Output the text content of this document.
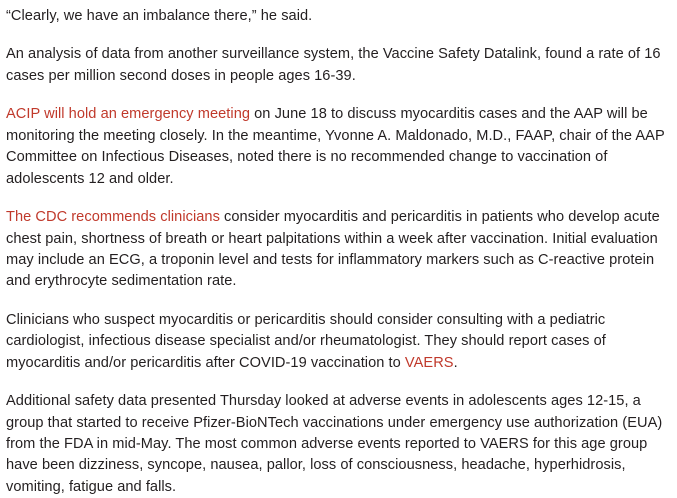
“Clearly, we have an imbalance there,” he said.

An analysis of data from another surveillance system, the Vaccine Safety Datalink, found a rate of 16 cases per million second doses in people ages 16-39.

ACIP will hold an emergency meeting on June 18 to discuss myocarditis cases and the AAP will be monitoring the meeting closely. In the meantime, Yvonne A. Maldonado, M.D., FAAP, chair of the AAP Committee on Infectious Diseases, noted there is no recommended change to vaccination of adolescents 12 and older.

The CDC recommends clinicians consider myocarditis and pericarditis in patients who develop acute chest pain, shortness of breath or heart palpitations within a week after vaccination. Initial evaluation may include an ECG, a troponin level and tests for inflammatory markers such as C-reactive protein and erythrocyte sedimentation rate.

Clinicians who suspect myocarditis or pericarditis should consider consulting with a pediatric cardiologist, infectious disease specialist and/or rheumatologist. They should report cases of myocarditis and/or pericarditis after COVID-19 vaccination to VAERS.

Additional safety data presented Thursday looked at adverse events in adolescents ages 12-15, a group that started to receive Pfizer-BioNTech vaccinations under emergency use authorization (EUA) from the FDA in mid-May. The most common adverse events reported to VAERS for this age group have been dizziness, syncope, nausea, pallor, loss of consciousness, headache, hyperhidrosis, vomiting, fatigue and falls.
